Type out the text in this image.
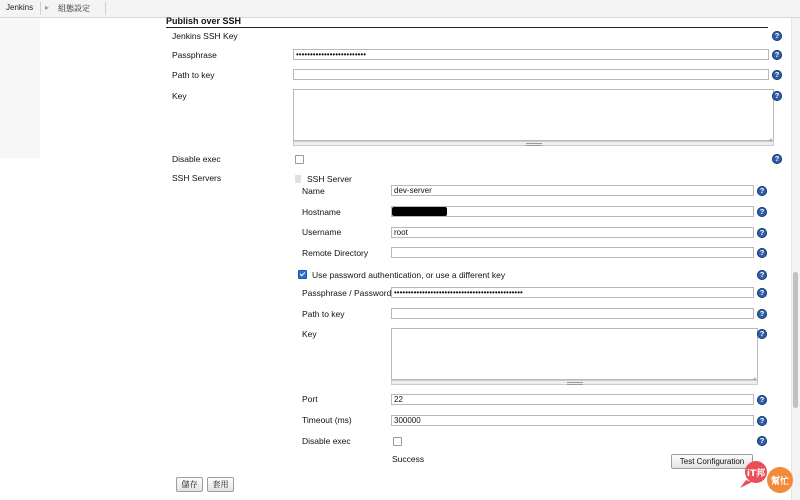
Jenkins ▸ 組態設定
Publish over SSH
Jenkins SSH Key	?
Passphrase	•••••••••••••••••••••••••	?
Path to key	?
Key	?
Disable exec	?
SSH Servers	SSH Server
Name	dev-server	?
Hostname	?
Username	root	?
Remote Directory	?
Use password authentication, or use a different key	?
Passphrase / Password ••••••••••••••••••••••••••••••••••••••••••••••	?
Path to key	?
Key	?
Port	22	?
Timeout (ms)	300000	?
Disable exec	?
Success	Test Configuration
儲存	套用
iT邦
幫忙
